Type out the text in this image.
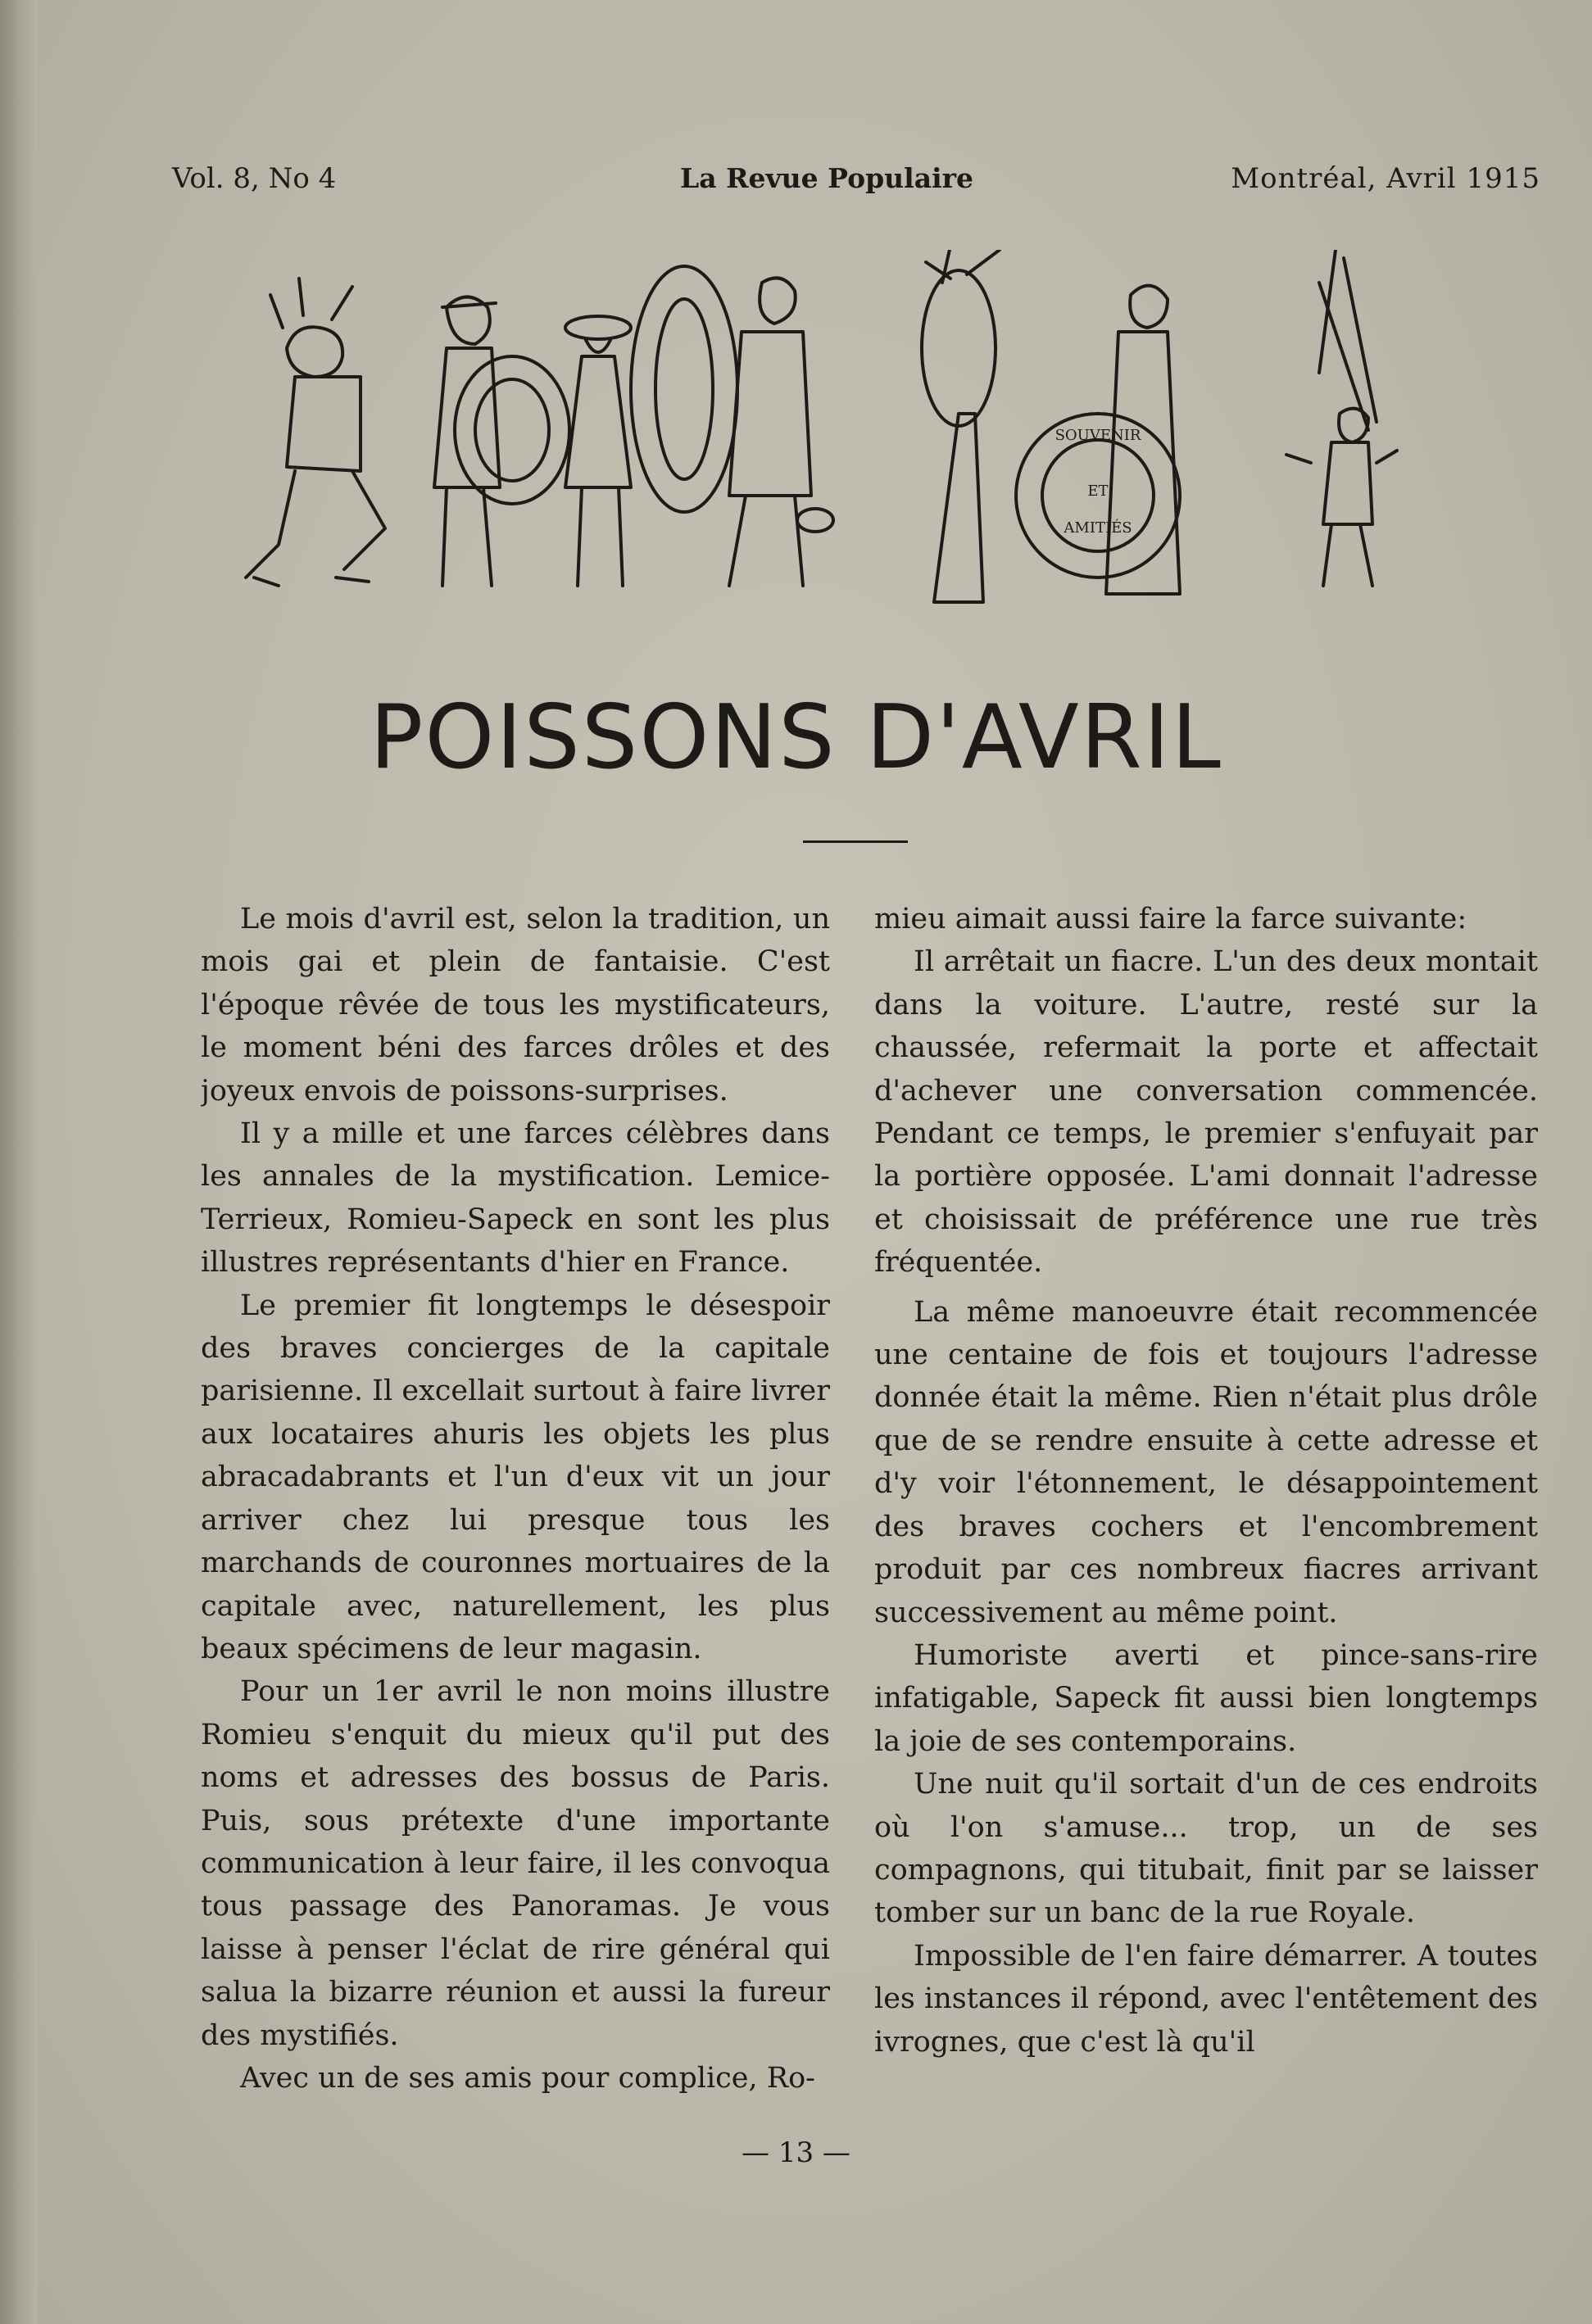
Vol. 8, No 4	La Revue Populaire	Montréal, Avril 1915
SOUVENIR
ET
AMITIÉS
POISSONS D'AVRIL

Le mois d'avril est, selon la tradition, un mois gai et plein de fantaisie. C'est l'époque rêvée de tous les mystificateurs, le moment béni des farces drôles et des joyeux envois de poissons-surprises.

Il y a mille et une farces célèbres dans les annales de la mystification. Lemice-Terrieux, Romieu-Sapeck en sont les plus illustres représentants d'hier en France.

Le premier fit longtemps le désespoir des braves concierges de la capitale parisienne. Il excellait surtout à faire livrer aux locataires ahuris les objets les plus abracadabrants et l'un d'eux vit un jour arriver chez lui presque tous les marchands de couronnes mortuaires de la capitale avec, naturellement, les plus beaux spécimens de leur magasin.

Pour un 1er avril le non moins illustre Romieu s'enquit du mieux qu'il put des noms et adresses des bossus de Paris. Puis, sous prétexte d'une importante communication à leur faire, il les convoqua tous passage des Panoramas. Je vous laisse à penser l'éclat de rire général qui salua la bizarre réunion et aussi la fureur des mystifiés.

Avec un de ses amis pour complice, Ro-

mieu aimait aussi faire la farce suivante:

Il arrêtait un fiacre. L'un des deux montait dans la voiture. L'autre, resté sur la chaussée, refermait la porte et affectait d'achever une conversation commencée. Pendant ce temps, le premier s'enfuyait par la portière opposée. L'ami donnait l'adresse et choisissait de préférence une rue très fréquentée.

La même manoeuvre était recommencée une centaine de fois et toujours l'adresse donnée était la même. Rien n'était plus drôle que de se rendre ensuite à cette adresse et d'y voir l'étonnement, le désappointement des braves cochers et l'encombrement produit par ces nombreux fiacres arrivant successivement au même point.

Humoriste averti et pince-sans-rire infatigable, Sapeck fit aussi bien longtemps la joie de ses contemporains.

Une nuit qu'il sortait d'un de ces endroits où l'on s'amuse... trop, un de ses compagnons, qui titubait, finit par se laisser tomber sur un banc de la rue Royale.

Impossible de l'en faire démarrer. A toutes les instances il répond, avec l'entêtement des ivrognes, que c'est là qu'il

— 13 —
